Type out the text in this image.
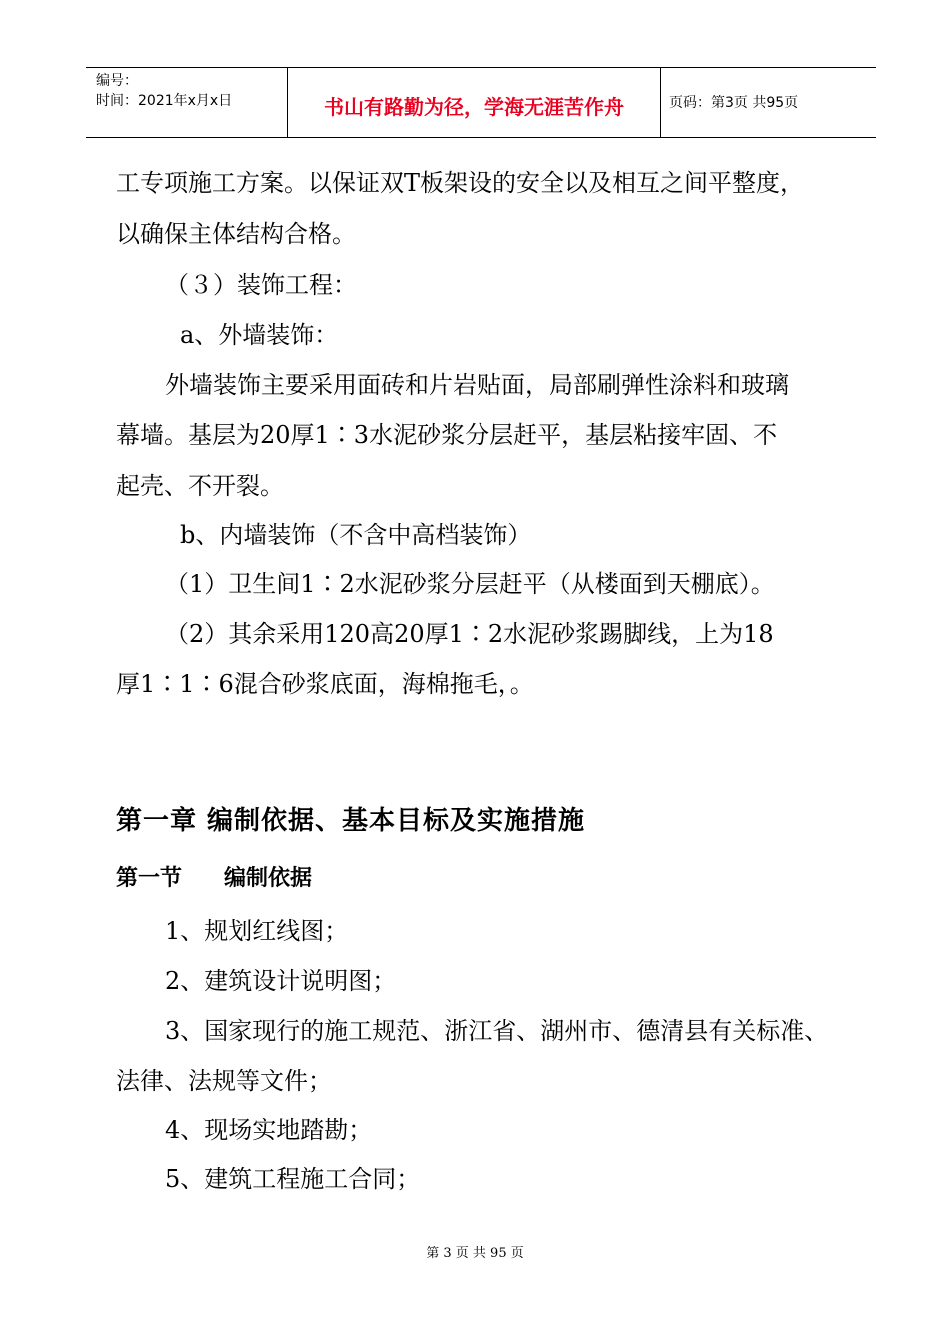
编号：
时间：2021年x月x日	书山有路勤为径，学海无涯苦作舟	页码：第3页 共95页
工专项施工方案。以保证双T板架设的安全以及相互之间平整度，
以确保主体结构合格。
（３）装饰工程：
a、外墙装饰：
外墙装饰主要采用面砖和片岩贴面，局部刷弹性涂料和玻璃
幕墙。基层为20厚1∶3水泥砂浆分层赶平，基层粘接牢固、不
起壳、不开裂。
b、内墙装饰（不含中高档装饰）
（1）卫生间1∶2水泥砂浆分层赶平（从楼面到天棚底）。
（2）其余采用120高20厚1∶2水泥砂浆踢脚线，上为18
厚1∶1∶6混合砂浆底面，海棉拖毛，。
第一章 编制依据、基本目标及实施措施
第一节 编制依据
1、规划红线图；
2、建筑设计说明图；
3、国家现行的施工规范、浙江省、湖州市、德清县有关标准、
法律、法规等文件；
4、现场实地踏勘；
5、建筑工程施工合同；
第 3 页 共 95 页
